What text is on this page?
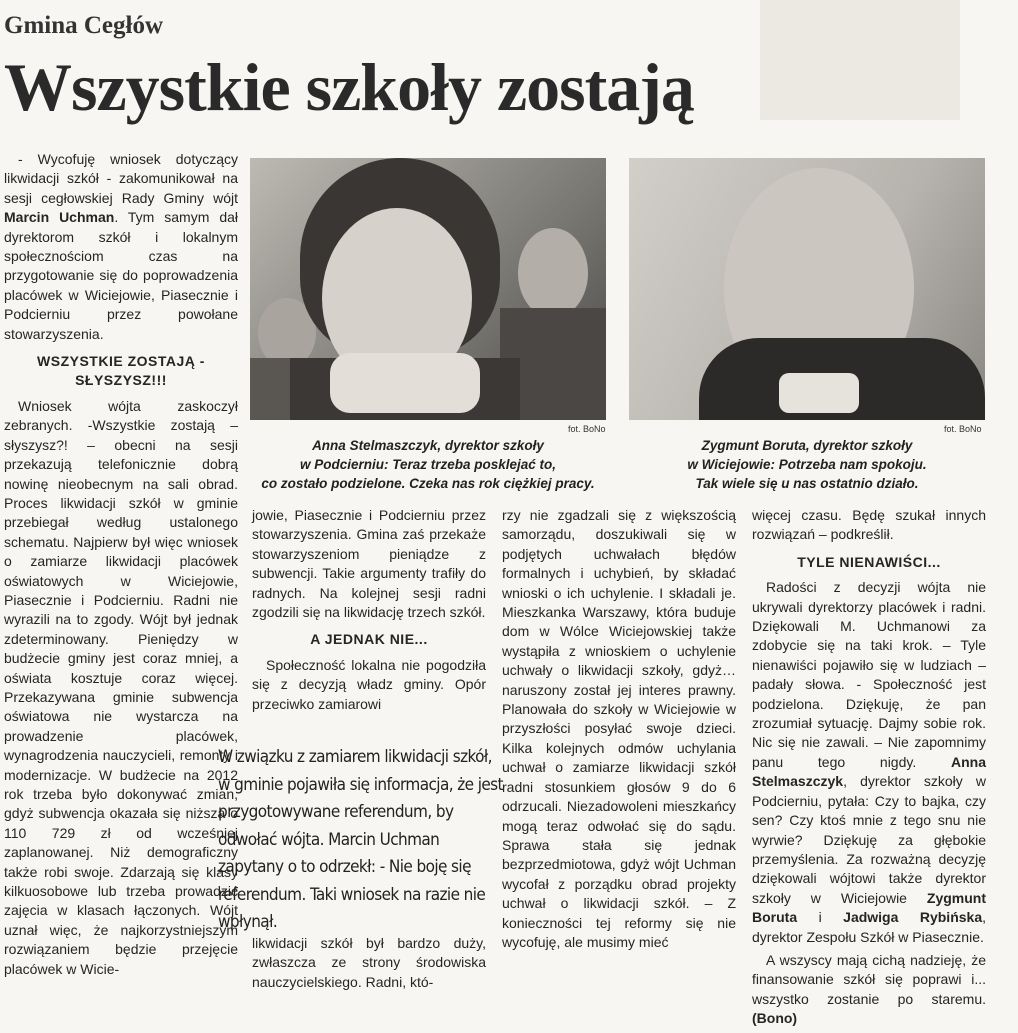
Gmina Cegłów
Wszystkie szkoły zostają

- Wycofuję wniosek dotyczący likwidacji szkół - zakomunikował na sesji cegłowskiej Rady Gminy wójt Marcin Uchman. Tym samym dał dyrektorom szkół i lokalnym społecznościom czas na przygotowanie się do poprowadzenia placówek w Wiciejowie, Piasecznie i Podcierniu przez powołane stowarzyszenia.

WSZYSTKIE ZOSTAJĄ - SŁYSZYSZ!!!

Wniosek wójta zaskoczył zebranych. -Wszystkie zostają –słyszysz?! – obecni na sesji przekazują telefonicznie dobrą nowinę nieobecnym na sali obrad. Proces likwidacji szkół w gminie przebiegał według ustalonego schematu. Najpierw był więc wniosek o zamiarze likwidacji placówek oświatowych w Wiciejowie, Piasecznie i Podcierniu. Radni nie wyrazili na to zgody. Wójt był jednak zdeterminowany. Pieniędzy w budżecie gminy jest coraz mniej, a oświata kosztuje coraz więcej. Przekazywana gminie subwencja oświatowa nie wystarcza na prowadzenie placówek, wynagrodzenia nauczycieli, remonty i modernizacje. W budżecie na 2012 rok trzeba było dokonywać zmian, gdyż subwencja okazała się niższa o 110 729 zł od wcześniej zaplanowanej. Niż demograficzny także robi swoje. Zdarzają się klasy kilkuosobowe lub trzeba prowadzić zajęcia w klasach łączonych. Wójt uznał więc, że najkorzystniejszym rozwiązaniem będzie przejęcie placówek w Wicie-

fot. BoNo
Anna Stelmaszczyk, dyrektor szkoły
w Podcierniu: Teraz trzeba posklejać to,
co zostało podzielone. Czeka nas rok ciężkiej pracy.
fot. BoNo
Zygmunt Boruta, dyrektor szkoły
w Wiciejowie: Potrzeba nam spokoju.
Tak wiele się u nas ostatnio działo.

jowie, Piasecznie i Podcierniu przez stowarzyszenia. Gmina zaś przekaże stowarzyszeniom pieniądze z subwencji. Takie argumenty trafiły do radnych. Na kolejnej sesji radni zgodzili się na likwidację trzech szkół.

A JEDNAK NIE...

Społeczność lokalna nie pogodziła się z decyzją władz gminy. Opór przeciwko zamiarowi

W związku z zamiarem likwidacji szkół, w gminie pojawiła się informacja, że jest przygotowywane referendum, by odwołać wójta. Marcin Uchman zapytany o to odrzekł: - Nie boję się referendum. Taki wniosek na razie nie wpłynął.

likwidacji szkół był bardzo duży, zwłaszcza ze strony środowiska nauczycielskiego. Radni, któ-

rzy nie zgadzali się z większością samorządu, doszukiwali się w podjętych uchwałach błędów formalnych i uchybień, by składać wnioski o ich uchylenie. I składali je. Mieszkanka Warszawy, która buduje dom w Wólce Wiciejowskiej także wystąpiła z wnioskiem o uchylenie uchwały o likwidacji szkoły, gdyż… naruszony został jej interes prawny. Planowała do szkoły w Wiciejowie w przyszłości posyłać swoje dzieci. Kilka kolejnych odmów uchylania uchwał o zamiarze likwidacji szkół radni stosunkiem głosów 9 do 6 odrzucali. Niezadowoleni mieszkańcy mogą teraz odwołać się do sądu. Sprawa stała się jednak bezprzedmiotowa, gdyż wójt Uchman wycofał z porządku obrad projekty uchwał o likwidacji szkół. – Z konieczności tej reformy się nie wycofuję, ale musimy mieć

więcej czasu. Będę szukał innych rozwiązań – podkreślił.

TYLE NIENAWIŚCI...

Radości z decyzji wójta nie ukrywali dyrektorzy placówek i radni. Dziękowali M. Uchmanowi za zdobycie się na taki krok. – Tyle nienawiści pojawiło się w ludziach – padały słowa. - Społeczność jest podzielona. Dziękuję, że pan zrozumiał sytuację. Dajmy sobie rok. Nic się nie zawali. – Nie zapomnimy panu tego nigdy. Anna Stelmaszczyk, dyrektor szkoły w Podcierniu, pytała: Czy to bajka, czy sen? Czy ktoś mnie z tego snu nie wyrwie? Dziękuję za głębokie przemyślenia. Za rozważną decyzję dziękowali wójtowi także dyrektor szkoły w Wiciejowie Zygmunt Boruta i Jadwiga Rybińska, dyrektor Zespołu Szkół w Piasecznie.

A wszyscy mają cichą nadzieję, że finansowanie szkół się poprawi i... wszystko zostanie po staremu. (Bono)
